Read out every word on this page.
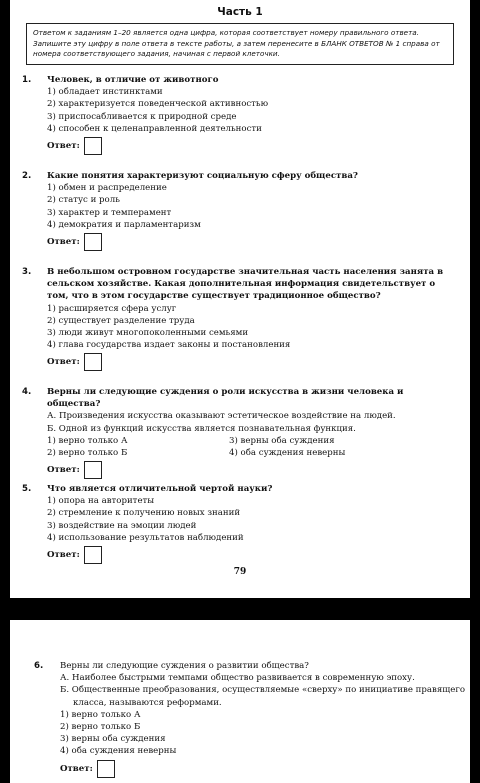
Часть 1
Ответом к заданиям 1–20 является одна цифра, которая соответствует номеру правильного ответа. Запишите эту цифру в поле ответа в тексте работы, а затем перенесите в БЛАНК ОТВЕТОВ № 1 справа от номера соответствующего задания, начиная с первой клеточки.
1. Человек, в отличие от животного
1) обладает инстинктами
2) характеризуется поведенческой активностью
3) приспосабливается к природной среде
4) способен к целенаправленной деятельности
Ответ:
2. Какие понятия характеризуют социальную сферу общества?
1) обмен и распределение
2) статус и роль
3) характер и темперамент
4) демократия и парламентаризм
Ответ:
3. В небольшом островном государстве значительная часть населения занята в сельском хозяйстве. Какая дополнительная информация свидетельствует о том, что в этом государстве существует традиционное общество?
1) расширяется сфера услуг
2) существует разделение труда
3) люди живут многопоколенными семьями
4) глава государства издает законы и постановления
Ответ:
4. Верны ли следующие суждения о роли искусства в жизни человека и общества?
А. Произведения искусства оказывают эстетическое воздействие на людей.
Б. Одной из функций искусства является познавательная функция.
1) верно только А	3) верны оба суждения
2) верно только Б	4) оба суждения неверны
Ответ:
5. Что является отличительной чертой науки?
1) опора на авторитеты
2) стремление к получению новых знаний
3) воздействие на эмоции людей
4) использование результатов наблюдений
Ответ:
79
6. Верны ли следующие суждения о развитии общества?
А. Наиболее быстрыми темпами общество развивается в современную эпоху.
Б. Общественные преобразования, осуществляемые «сверху» по инициативе правящего
класса, называются реформами.
1) верно только А
2) верно только Б
3) верны оба суждения
4) оба суждения неверны
Ответ:
